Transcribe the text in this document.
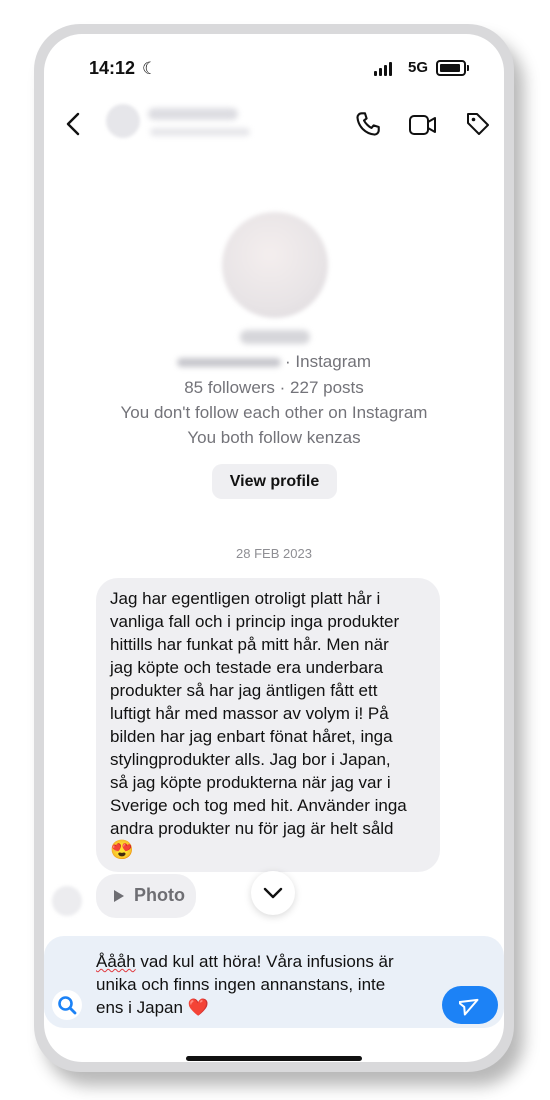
14:12 ☾	5G
· Instagram
85 followers · 227 posts
You don't follow each other on Instagram
You both follow kenzas
View profile
28 FEB 2023
Jag har egentligen otroligt platt hår i
vanliga fall och i princip inga produkter
hittills har funkat på mitt hår. Men när
jag köpte och testade era underbara
produkter så har jag äntligen fått ett
luftigt hår med massor av volym i! På
bilden har jag enbart fönat håret, inga
stylingprodukter alls. Jag bor i Japan,
så jag köpte produkterna när jag var i
Sverige och tog med hit. Använder inga
andra produkter nu för jag är helt såld
😍
Photo
Åååh vad kul att höra! Våra infusions är
unika och finns ingen annanstans, inte
ens i Japan ❤️
